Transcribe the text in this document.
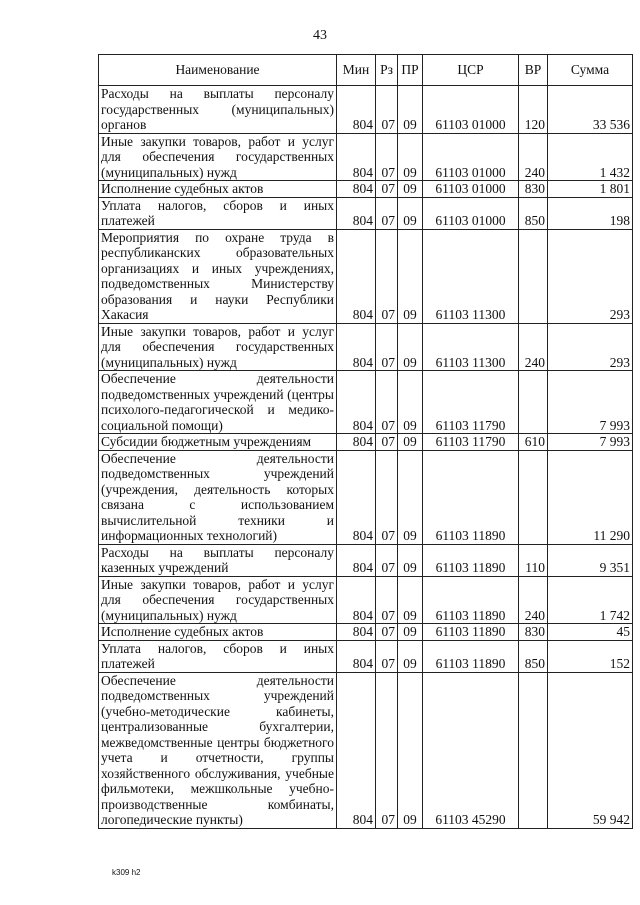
43
Наименование	Мин	Рз	ПР	ЦСР	ВР	Сумма
Расходы на выплаты персоналу государственных (муниципальных) органов	804	07	09	61103 01000	120	33 536
Иные закупки товаров, работ и услуг для обеспечения государственных (муниципальных) нужд	804	07	09	61103 01000	240	1 432
Исполнение судебных актов	804	07	09	61103 01000	830	1 801
Уплата налогов, сборов и иных платежей	804	07	09	61103 01000	850	198
Мероприятия по охране труда в республиканских образовательных организациях и иных учреждениях, подведомственных Министерству образования и науки Республики Хакасия	804	07	09	61103 11300		293
Иные закупки товаров, работ и услуг для обеспечения государственных (муниципальных) нужд	804	07	09	61103 11300	240	293
Обеспечение деятельности подведомственных учреждений (центры психолого-педагогической и медико-социальной помощи)	804	07	09	61103 11790		7 993
Субсидии бюджетным учреждениям	804	07	09	61103 11790	610	7 993
Обеспечение деятельности подведомственных учреждений (учреждения, деятельность которых связана с использованием вычислительной техники и информационных технологий)	804	07	09	61103 11890		11 290
Расходы на выплаты персоналу казенных учреждений	804	07	09	61103 11890	110	9 351
Иные закупки товаров, работ и услуг для обеспечения государственных (муниципальных) нужд	804	07	09	61103 11890	240	1 742
Исполнение судебных актов	804	07	09	61103 11890	830	45
Уплата налогов, сборов и иных платежей	804	07	09	61103 11890	850	152
Обеспечение деятельности подведомственных учреждений (учебно-методические кабинеты, централизованные бухгалтерии, межведомственные центры бюджетного учета и отчетности, группы хозяйственного обслуживания, учебные фильмотеки, межшкольные учебно-производственные комбинаты, логопедические пункты)	804	07	09	61103 45290		59 942
k309 h2
